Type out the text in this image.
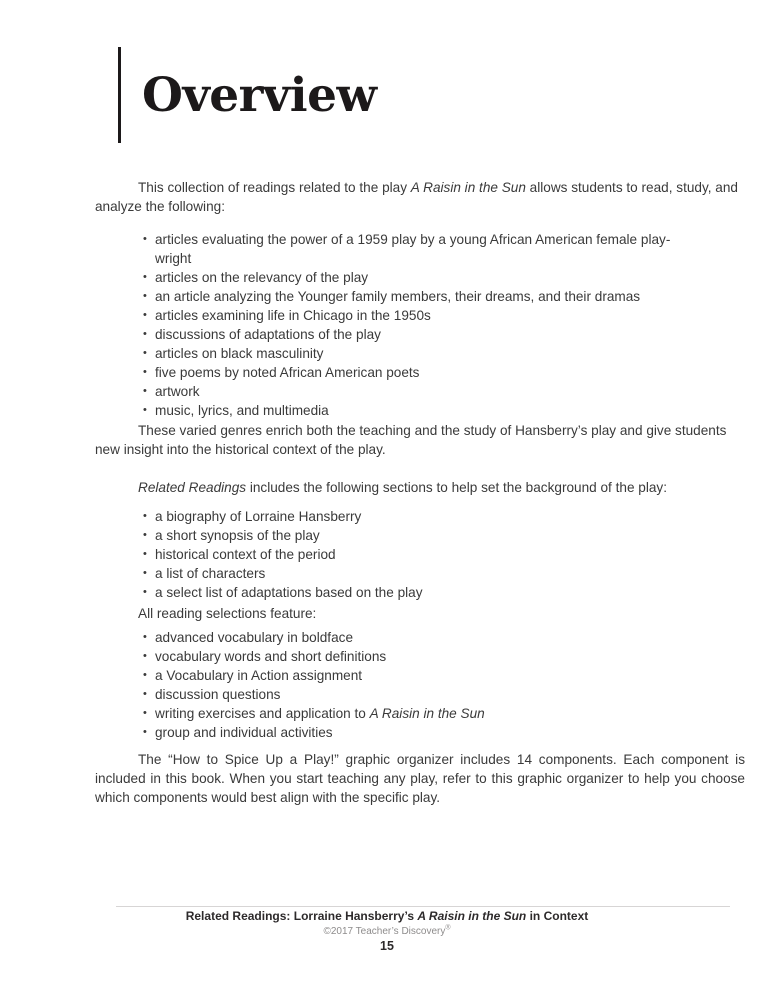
Overview

This collection of readings related to the play A Raisin in the Sun allows students to read, study, and analyze the following:

• articles evaluating the power of a 1959 play by a young African American female play-
wright
• articles on the relevancy of the play
• an article analyzing the Younger family members, their dreams, and their dramas
• articles examining life in Chicago in the 1950s
• discussions of adaptations of the play
• articles on black masculinity
• five poems by noted African American poets
• artwork
• music, lyrics, and multimedia

These varied genres enrich both the teaching and the study of Hansberry’s play and give students new insight into the historical context of the play.

Related Readings includes the following sections to help set the background of the play:

• a biography of Lorraine Hansberry
• a short synopsis of the play
• historical context of the period
• a list of characters
• a select list of adaptations based on the play

All reading selections feature:

• advanced vocabulary in boldface
• vocabulary words and short definitions
• a Vocabulary in Action assignment
• discussion questions
• writing exercises and application to A Raisin in the Sun
• group and individual activities

The “How to Spice Up a Play!” graphic organizer includes 14 components. Each component is included in this book. When you start teaching any play, refer to this graphic organizer to help you choose which components would best align with the specific play.

Related Readings: Lorraine Hansberry’s A Raisin in the Sun in Context
©2017 Teacher’s Discovery®
15
